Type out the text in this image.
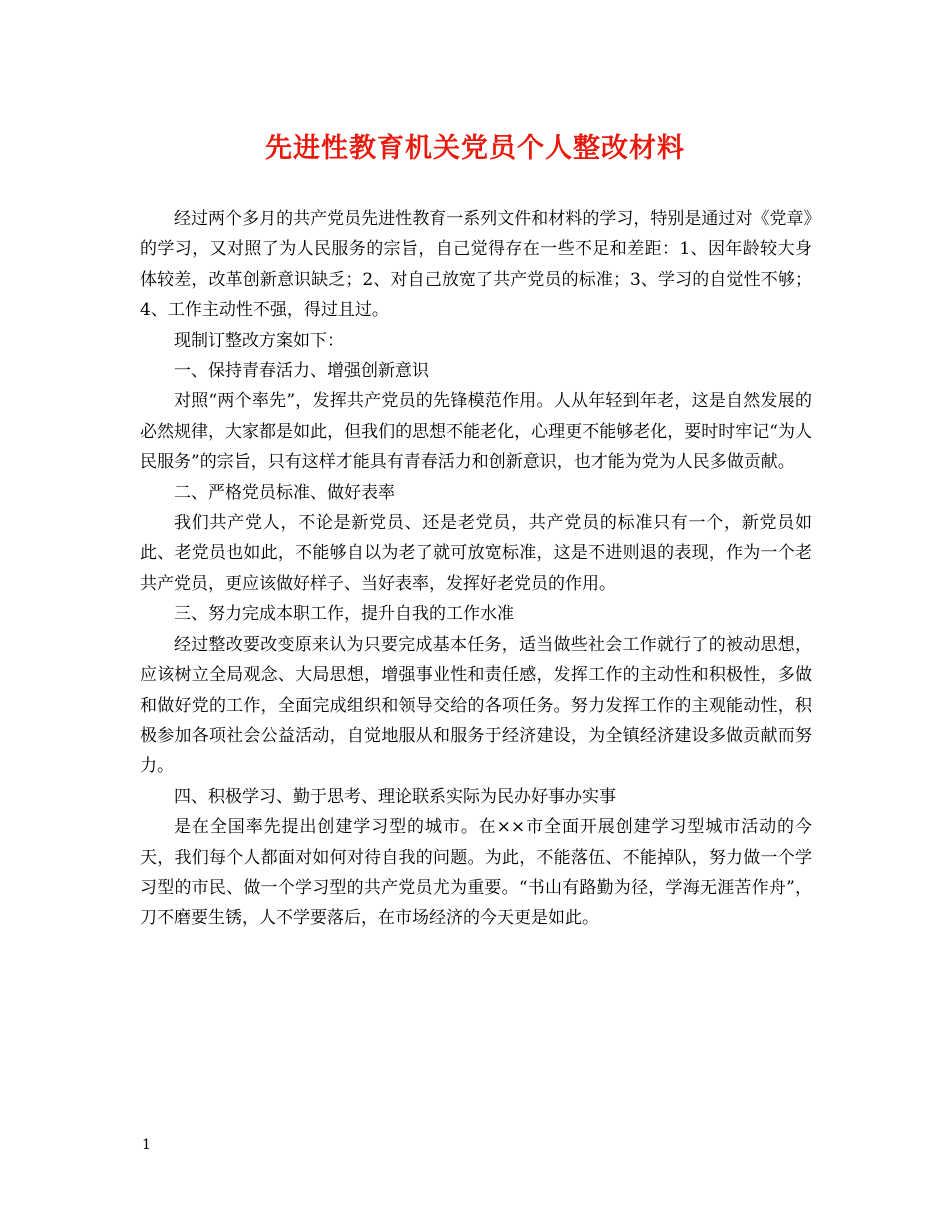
先进性教育机关党员个人整改材料

经过两个多月的共产党员先进性教育一系列文件和材料的学习，特别是通过对《党章》的学习，又对照了为人民服务的宗旨，自己觉得存在一些不足和差距：1、因年龄较大身体较差，改革创新意识缺乏；2、对自己放宽了共产党员的标准；3、学习的自觉性不够；4、工作主动性不强，得过且过。

现制订整改方案如下：

一、保持青春活力、增强创新意识

对照“两个率先”，发挥共产党员的先锋模范作用。人从年轻到年老，这是自然发展的必然规律，大家都是如此，但我们的思想不能老化，心理更不能够老化，要时时牢记“为人民服务”的宗旨，只有这样才能具有青春活力和创新意识，也才能为党为人民多做贡献。

二、严格党员标准、做好表率

我们共产党人，不论是新党员、还是老党员，共产党员的标准只有一个，新党员如此、老党员也如此，不能够自以为老了就可放宽标准，这是不进则退的表现，作为一个老共产党员，更应该做好样子、当好表率，发挥好老党员的作用。

三、努力完成本职工作，提升自我的工作水准

经过整改要改变原来认为只要完成基本任务，适当做些社会工作就行了的被动思想，应该树立全局观念、大局思想，增强事业性和责任感，发挥工作的主动性和积极性，多做和做好党的工作，全面完成组织和领导交给的各项任务。努力发挥工作的主观能动性，积极参加各项社会公益活动，自觉地服从和服务于经济建设，为全镇经济建设多做贡献而努力。

四、积极学习、勤于思考、理论联系实际为民办好事办实事

是在全国率先提出创建学习型的城市。在××市全面开展创建学习型城市活动的今天，我们每个人都面对如何对待自我的问题。为此，不能落伍、不能掉队，努力做一个学习型的市民、做一个学习型的共产党员尤为重要。“书山有路勤为径，学海无涯苦作舟”，刀不磨要生锈，人不学要落后，在市场经济的今天更是如此。

1
